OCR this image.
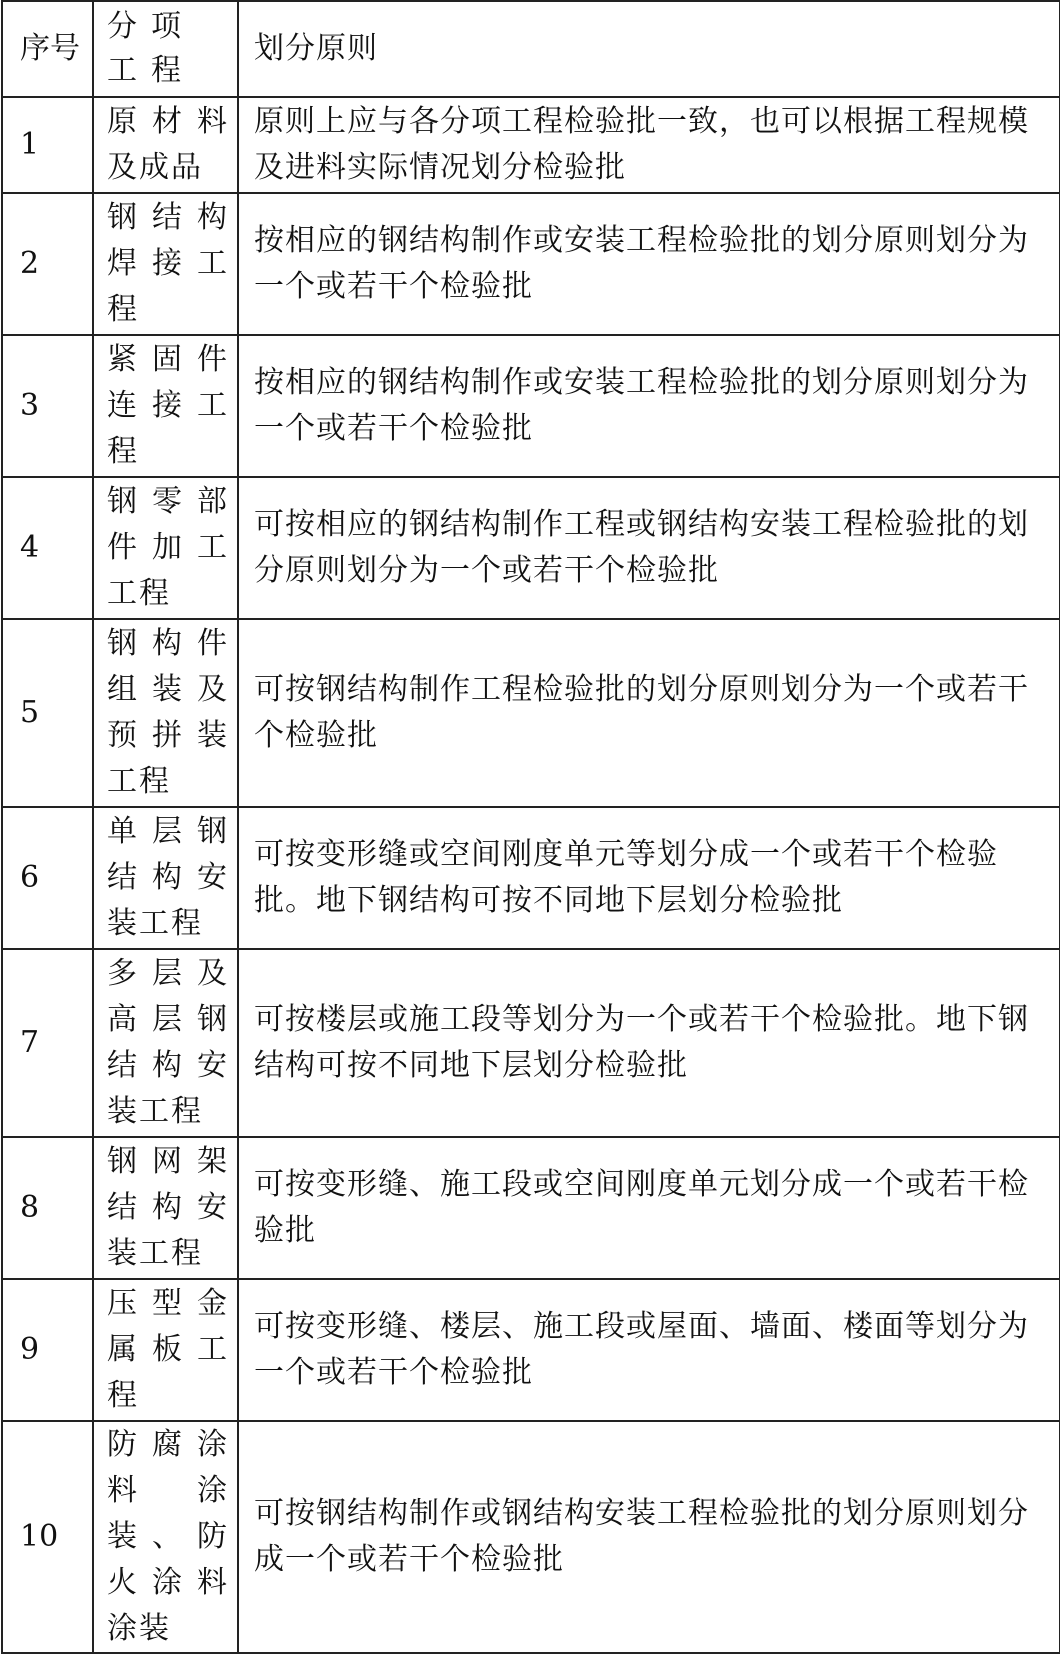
序号	分项工程	划分原则
1	原材料及成品	原则上应与各分项工程检验批一致，也可以根据工程规模及进料实际情况划分检验批
2	钢结构焊接工程	按相应的钢结构制作或安装工程检验批的划分原则划分为一个或若干个检验批
3	紧固件连接工程	按相应的钢结构制作或安装工程检验批的划分原则划分为一个或若干个检验批
4	钢零部件加工工程	可按相应的钢结构制作工程或钢结构安装工程检验批的划分原则划分为一个或若干个检验批
5	钢构件组装及预拼装工程	可按钢结构制作工程检验批的划分原则划分为一个或若干个检验批
6	单层钢结构安装工程	可按变形缝或空间刚度单元等划分成一个或若干个检验批。地下钢结构可按不同地下层划分检验批
7	多层及高层钢结构安装工程	可按楼层或施工段等划分为一个或若干个检验批。地下钢结构可按不同地下层划分检验批
8	钢网架结构安装工程	可按变形缝、施工段或空间刚度单元划分成一个或若干检验批
9	压型金属板工程	可按变形缝、楼层、施工段或屋面、墙面、楼面等划分为一个或若干个检验批
10	防腐涂料涂装、防火涂料涂装	可按钢结构制作或钢结构安装工程检验批的划分原则划分成一个或若干个检验批
